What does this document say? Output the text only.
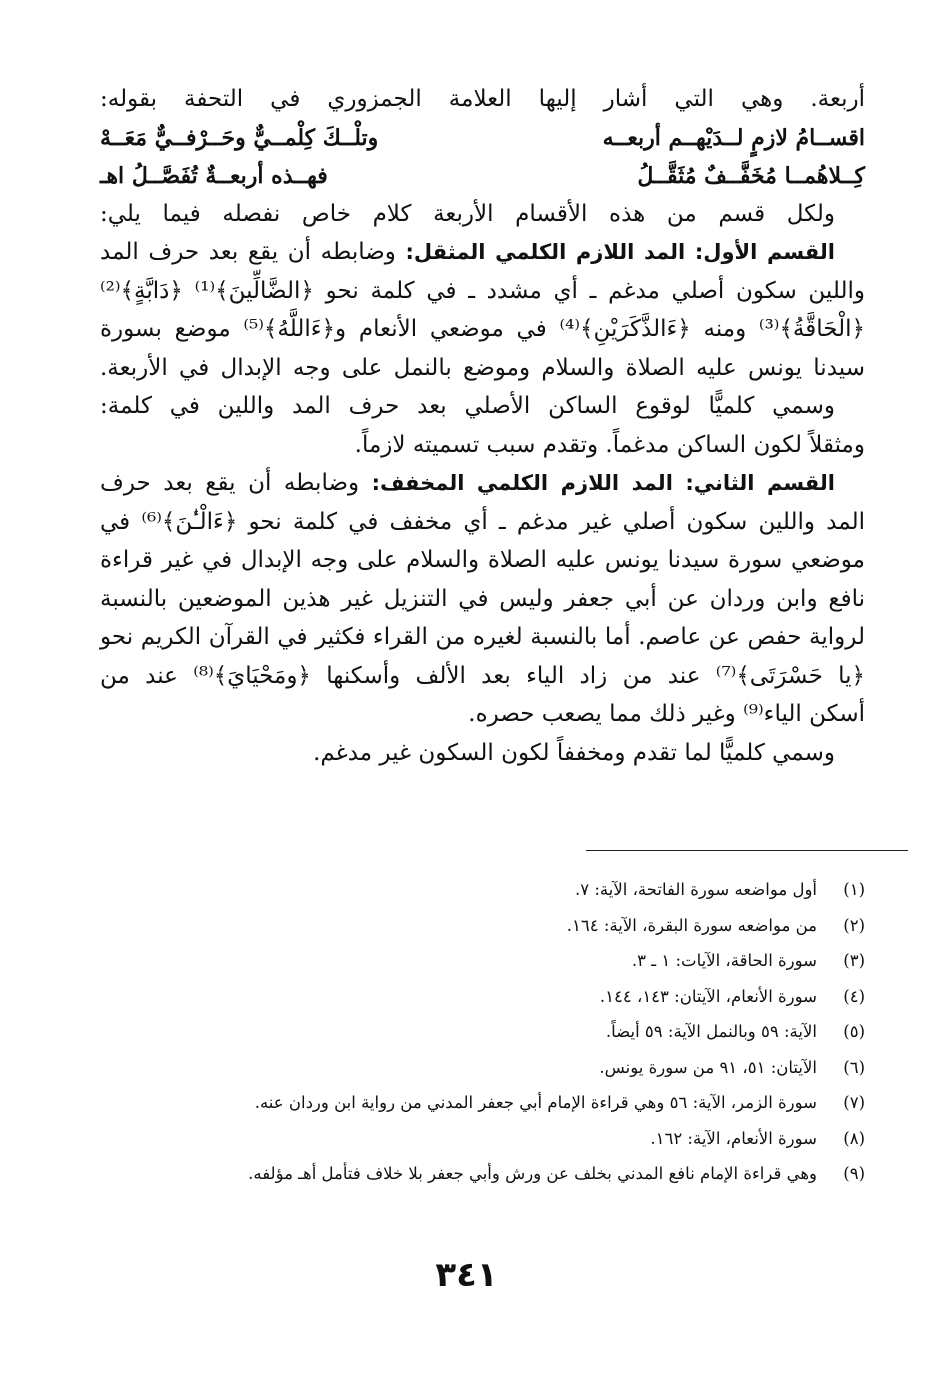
أربعة. وهي التي أشار إليها العلامة الجمزوري في التحفة بقوله:
اقســامُ لازمٍ لــدَيْهــم أربعــه
وتلْــكَ كِلْمــيٌّ وحَــرْفــيٌّ مَعَــهْ
كِــلاهُمــا مُخَفَّــفٌ مُثَقَّــلُ
فهــذه أربعــةٌ تُفَصَّــلُ اهـ
ولكل قسم من هذه الأقسام الأربعة كلام خاص نفصله فيما يلي:
القسم الأول: المد اللازم الكلمي المثقل: وضابطه أن يقع بعد حرف المد
واللين سكون أصلي مدغم ـ أي مشدد ـ في كلمة نحو ﴿الضَّالِّينَ﴾⁽¹⁾ ﴿دَابَّةٍ﴾⁽²⁾
﴿الْحَاقَّةُ﴾⁽³⁾ ومنه ﴿ءَالذَّكَرَيْنِ﴾⁽⁴⁾ في موضعي الأنعام و﴿ءَاللَّهُ﴾⁽⁵⁾ موضع بسورة
سيدنا يونس عليه الصلاة والسلام وموضع بالنمل على وجه الإبدال في الأربعة.
وسمي كلميًّا لوقوع الساكن الأصلي بعد حرف المد واللين في كلمة:
ومثقلاً لكون الساكن مدغماً. وتقدم سبب تسميته لازماً.
القسم الثاني: المد اللازم الكلمي المخفف: وضابطه أن يقع بعد حرف
المد واللين سكون أصلي غير مدغم ـ أي مخفف في كلمة نحو ﴿ءَالْـٰٔنَ﴾⁽⁶⁾ في
موضعي سورة سيدنا يونس عليه الصلاة والسلام على وجه الإبدال في غير قراءة
نافع وابن وردان عن أبي جعفر وليس في التنزيل غير هذين الموضعين بالنسبة
لرواية حفص عن عاصم. أما بالنسبة لغيره من القراء فكثير في القرآن الكريم نحو
﴿يا حَسْرَتَى﴾⁽⁷⁾ عند من زاد الياء بعد الألف وأسكنها ﴿ومَحْيَايَ﴾⁽⁸⁾ عند من
أسكن الياء⁽⁹⁾ وغير ذلك مما يصعب حصره.
وسمي كلميًّا لما تقدم ومخففاً لكون السكون غير مدغم.
(١)أول مواضعه سورة الفاتحة، الآية: ٧.
(٢)من مواضعه سورة البقرة، الآية: ١٦٤.
(٣)سورة الحاقة، الآيات: ١ ـ ٣.
(٤)سورة الأنعام، الآيتان: ١٤٣، ١٤٤.
(٥)الآية: ٥٩ وبالنمل الآية: ٥٩ أيضاً.
(٦)الآيتان: ٥١، ٩١ من سورة يونس.
(٧)سورة الزمر، الآية: ٥٦ وهي قراءة الإمام أبي جعفر المدني من رواية ابن وردان عنه.
(٨)سورة الأنعام، الآية: ١٦٢.
(٩)وهي قراءة الإمام نافع المدني بخلف عن ورش وأبي جعفر بلا خلاف فتأمل أهـ مؤلفه.
٣٤١
